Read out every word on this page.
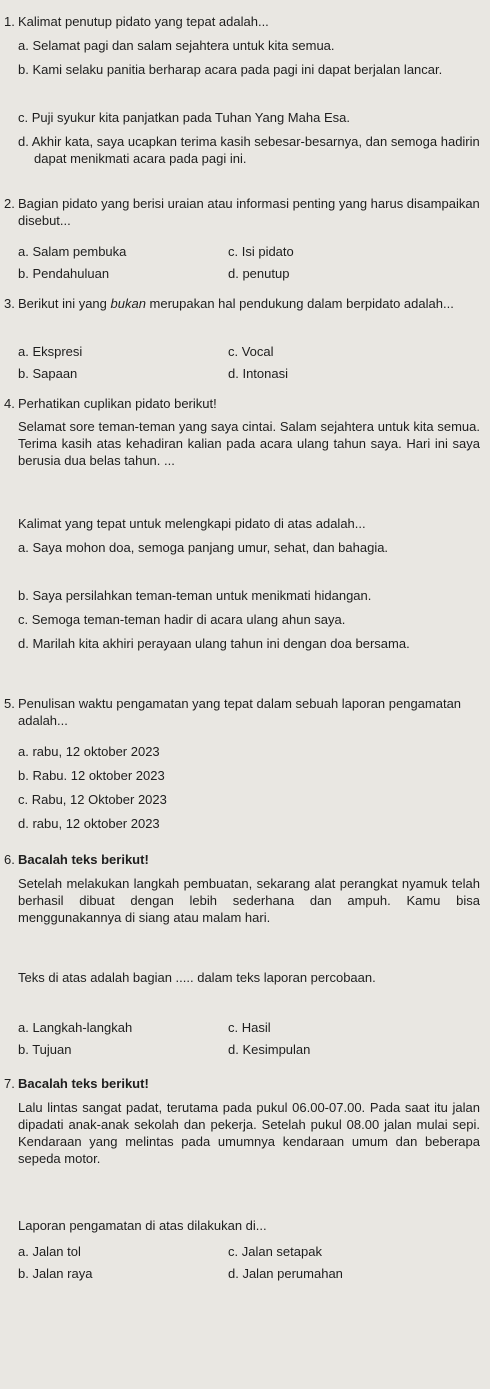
1. Kalimat penutup pidato yang tepat adalah...
a. Selamat pagi dan salam sejahtera untuk kita semua.
b. Kami selaku panitia berharap acara pada pagi ini dapat berjalan lancar.
c. Puji syukur kita panjatkan pada Tuhan Yang Maha Esa.
d. Akhir kata, saya ucapkan terima kasih sebesar-besarnya, dan semoga hadirin dapat menikmati acara pada pagi ini.
2. Bagian pidato yang berisi uraian atau informasi penting yang harus disampaikan disebut...
a. Salam pembuka	c. Isi pidato
b. Pendahuluan	d. penutup
3. Berikut ini yang bukan merupakan hal pendukung dalam berpidato adalah...
a. Ekspresi	c. Vocal
b. Sapaan	d. Intonasi
4. Perhatikan cuplikan pidato berikut!
Selamat sore teman-teman yang saya cintai. Salam sejahtera untuk kita semua. Terima kasih atas kehadiran kalian pada acara ulang tahun saya. Hari ini saya berusia dua belas tahun. ...
Kalimat yang tepat untuk melengkapi pidato di atas adalah...
a. Saya mohon doa, semoga panjang umur, sehat, dan bahagia.
b. Saya persilahkan teman-teman untuk menikmati hidangan.
c. Semoga teman-teman hadir di acara ulang ahun saya.
d. Marilah kita akhiri perayaan ulang tahun ini dengan doa bersama.
5. Penulisan waktu pengamatan yang tepat dalam sebuah laporan pengamatan adalah...
a. rabu, 12 oktober 2023
b. Rabu. 12 oktober 2023
c. Rabu, 12 Oktober 2023
d. rabu, 12 oktober 2023
6. Bacalah teks berikut!
Setelah melakukan langkah pembuatan, sekarang alat perangkat nyamuk telah berhasil dibuat dengan lebih sederhana dan ampuh. Kamu bisa menggunakannya di siang atau malam hari.
Teks di atas adalah bagian ..... dalam teks laporan percobaan.
a. Langkah-langkah	c. Hasil
b. Tujuan	d. Kesimpulan
7. Bacalah teks berikut!
Lalu lintas sangat padat, terutama pada pukul 06.00-07.00. Pada saat itu jalan dipadati anak-anak sekolah dan pekerja. Setelah pukul 08.00 jalan mulai sepi. Kendaraan yang melintas pada umumnya kendaraan umum dan beberapa sepeda motor.
Laporan pengamatan di atas dilakukan di...
a. Jalan tol	c. Jalan setapak
b. Jalan raya	d. Jalan perumahan
